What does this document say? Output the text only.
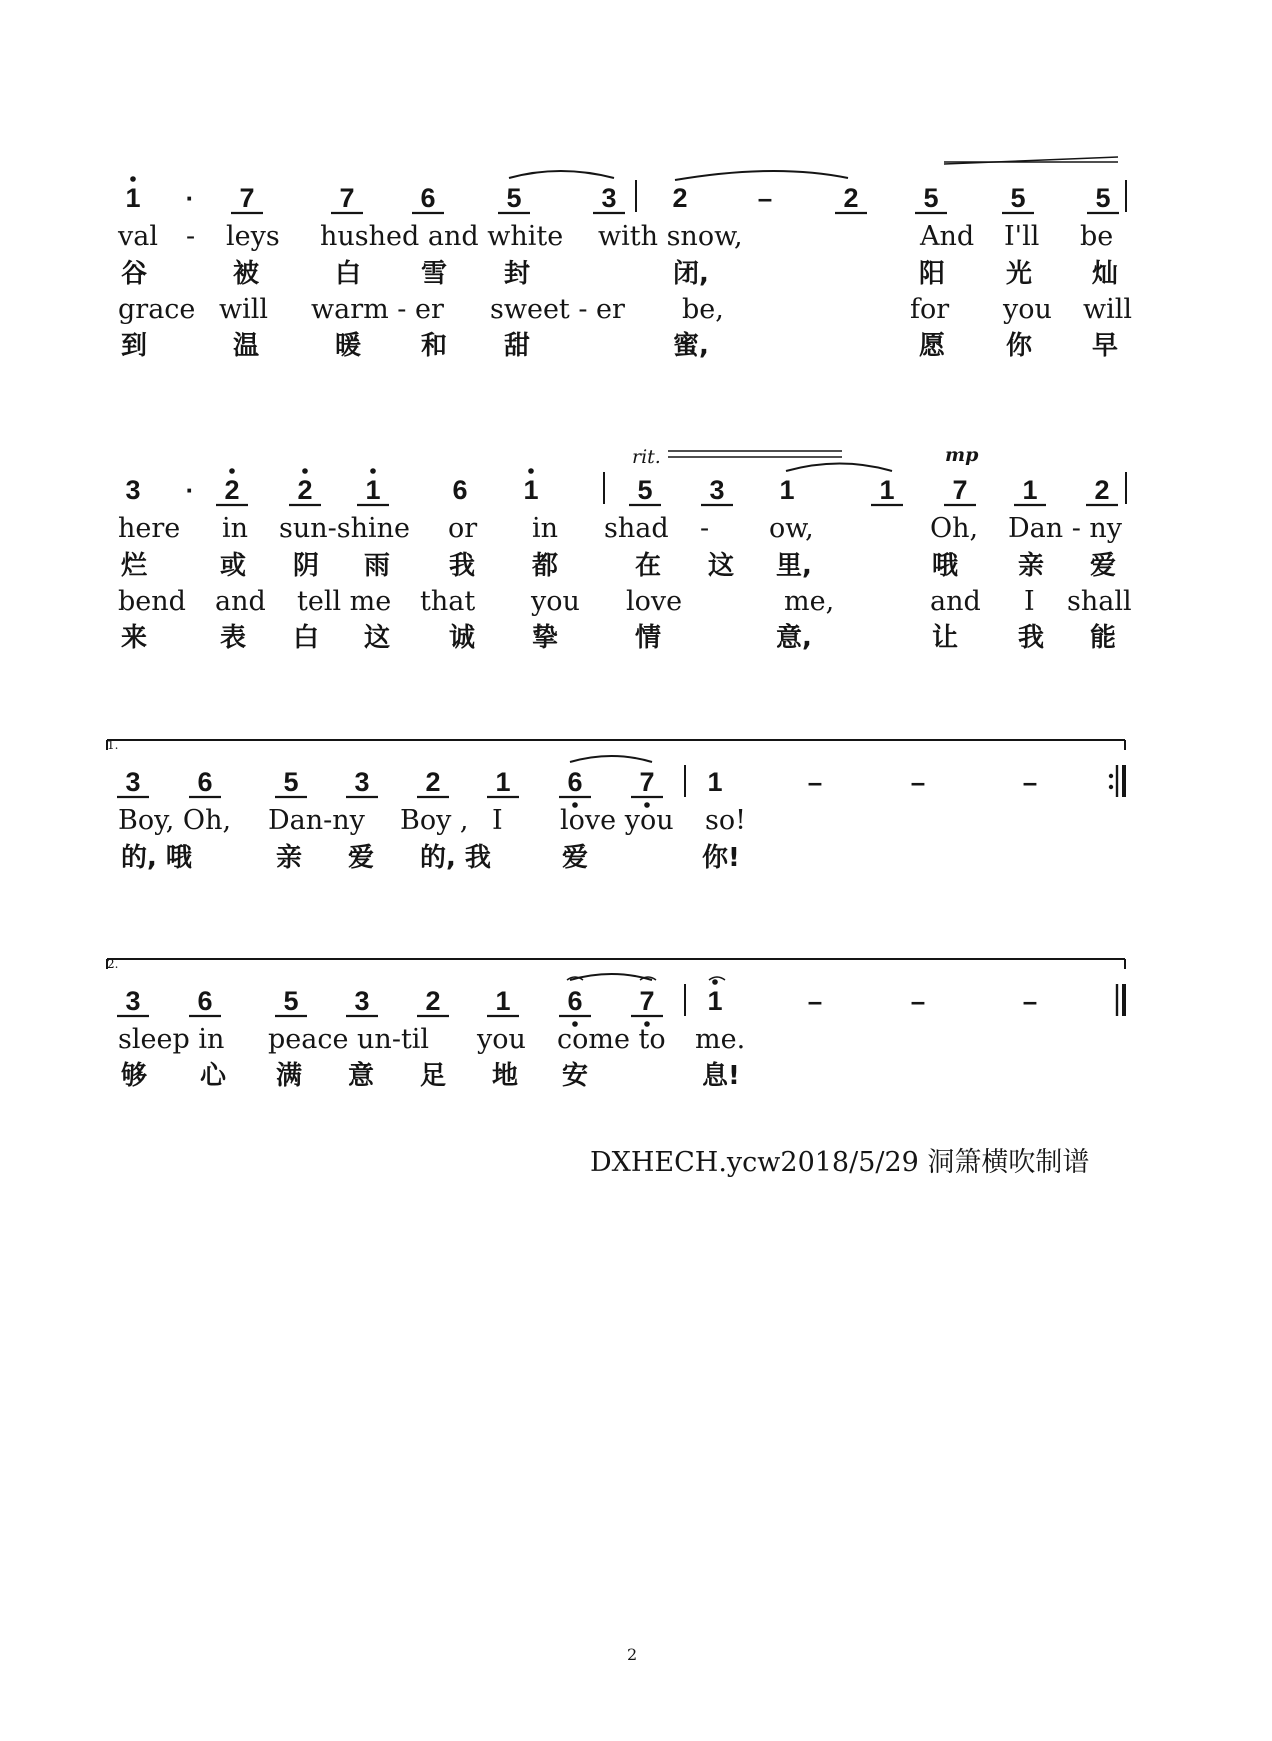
1	·	7	7 6	5	3 2	–	2 5	5	5
val - leys hushed and white with snow,	And I'll be
谷	被	白 雪 封	闭,	阳 光 灿
grace will warm - er sweet - er be,	for you will
到	温	暖 和 甜	蜜,	愿 你 早
3	·	2 2 1	6 1	5 3 1	1 7 1 2
here in sun-shine or in shad - ow,	Oh, Dan - ny
烂	或 阴 雨 我 都	在 这 里,	哦 亲 爱
bend and tell me that you love	me,	and I shall
来	表 白 这 诚 挚	情	意,	让 我 能
3 6	5 3 2 1 6 7 1	–	–	–
Boy, Oh, Dan-ny Boy , I love you so!
的, 哦	亲 爱 的, 我	爱	你!
3 6	5 3 2 1 6 7 1	–	–	–
sleep in peace un-til you come to me.
够 心 满 意 足 地 安	息!
rit.	mp
1.
2.
DXHECH.ycw2018/5/29 洞箫横吹制谱
2
